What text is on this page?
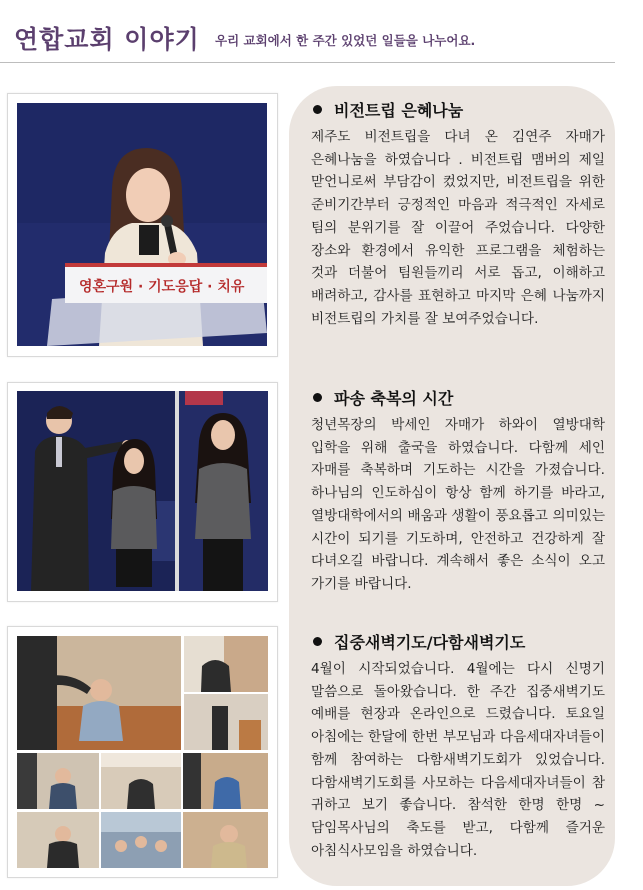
연합교회 이야기 우리 교회에서 한 주간 있었던 일들을 나누어요.
영혼구원 · 기도응답 · 치유
비전트립 은혜나눔
제주도 비전트립을 다녀 온 김연주 자매가 은혜나눔을 하였습니다 . 비전트립 맴버의 제일 맏언니로써 부담감이 컸었지만, 비전트립을 위한 준비기간부터 긍정적인 마음과 적극적인 자세로 팀의 분위기를 잘 이끌어 주었습니다. 다양한 장소와 환경에서 유익한 프로그램을 체험하는 것과 더불어 팀원들끼리 서로 돕고, 이해하고 배려하고, 감사를 표현하고 마지막 은혜 나눔까지 비전트립의 가치를 잘 보여주었습니다.
파송 축복의 시간
청년목장의 박세인 자매가 하와이 열방대학 입학을 위해 출국을 하였습니다. 다함께 세인 자매를 축복하며 기도하는 시간을 가졌습니다. 하나님의 인도하심이 항상 함께 하기를 바라고, 열방대학에서의 배움과 생활이 풍요롭고 의미있는 시간이 되기를 기도하며, 안전하고 건강하게 잘 다녀오길 바랍니다. 계속해서 좋은 소식이 오고 가기를 바랍니다.
집중새벽기도/다함새벽기도
4월이 시작되었습니다. 4월에는 다시 신명기 말씀으로 돌아왔습니다. 한 주간 집중새벽기도 예배를 현장과 온라인으로 드렸습니다. 토요일 아침에는 한달에 한번 부모님과 다음세대자녀들이 함께 참여하는 다함새벽기도회가 있었습니다. 다함새벽기도회를 사모하는 다음세대자녀들이 참 귀하고 보기 좋습니다. 참석한 한명 한명 ~ 담임목사님의 축도를 받고, 다함께 즐거운 아침식사모임을 하였습니다.
